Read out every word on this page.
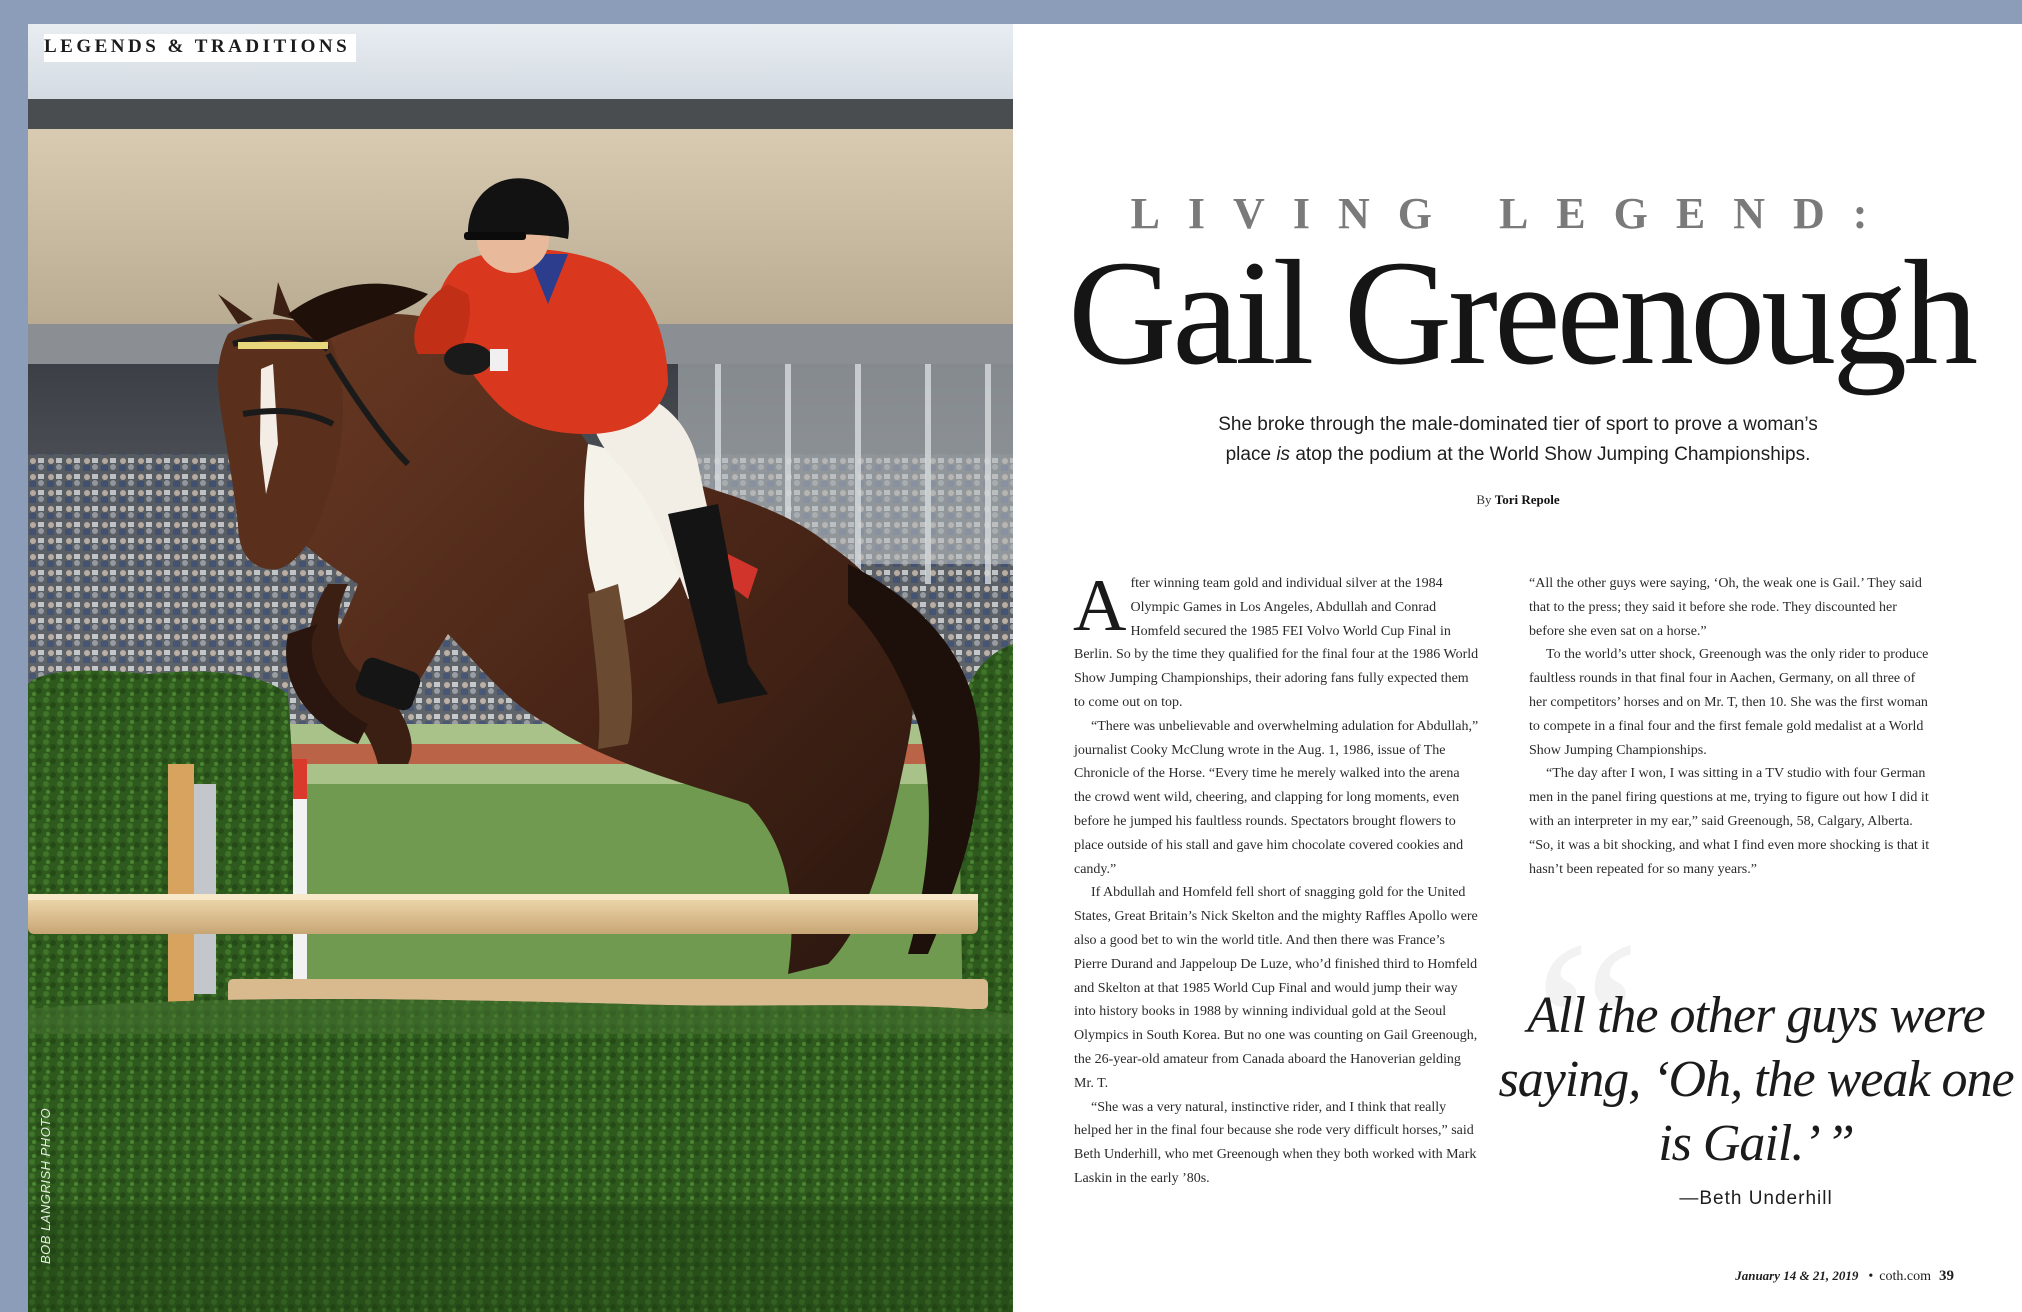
LEGENDS & TRADITIONS
BOB LANGRISH PHOTO
LIVING LEGEND:
Gail Greenough

She broke through the male-dominated tier of sport to prove a woman’s
place is atop the podium at the World Show Jumping Championships.

By Tori Repole

After winning team gold and individual silver at the 1984 Olympic Games in Los Angeles, Abdullah and Conrad Homfeld secured the 1985 FEI Volvo World Cup Final in Berlin. So by the time they qualified for the final four at the 1986 World Show Jumping Championships, their adoring fans fully expected them to come out on top.

“There was unbelievable and overwhelming adulation for Abdullah,” journalist Cooky McClung wrote in the Aug. 1, 1986, issue of The Chronicle of the Horse. “Every time he merely walked into the arena the crowd went wild, cheering, and clapping for long moments, even before he jumped his faultless rounds. Spectators brought flowers to place outside of his stall and gave him chocolate covered cookies and candy.”

If Abdullah and Homfeld fell short of snagging gold for the United States, Great Britain’s Nick Skelton and the mighty Raffles Apollo were also a good bet to win the world title. And then there was France’s Pierre Durand and Jappeloup De Luze, who’d finished third to Homfeld and Skelton at that 1985 World Cup Final and would jump their way into history books in 1988 by winning individual gold at the Seoul Olympics in South Korea. But no one was counting on Gail Greenough, the 26-year-old amateur from Canada aboard the Hanoverian gelding Mr. T.

“She was a very natural, instinctive rider, and I think that really helped her in the final four because she rode very difficult horses,” said Beth Underhill, who met Greenough when they both worked with Mark Laskin in the early ’80s.

“All the other guys were saying, ‘Oh, the weak one is Gail.’ They said that to the press; they said it before she rode. They discounted her before she even sat on a horse.”

To the world’s utter shock, Greenough was the only rider to produce faultless rounds in that final four in Aachen, Germany, on all three of her competitors’ horses and on Mr. T, then 10. She was the first woman to compete in a final four and the first female gold medalist at a World Show Jumping Championships.

“The day after I won, I was sitting in a TV studio with four German men in the panel firing questions at me, trying to figure out how I did it with an interpreter in my ear,” said Greenough, 58, Calgary, Alberta. “So, it was a bit shocking, and what I find even more shocking is that it hasn’t been repeated for so many years.”

“

All the other guys were saying, ‘Oh, the weak one is Gail.’ ”

—Beth Underhill
January 14 & 21, 2019 • coth.com 39
